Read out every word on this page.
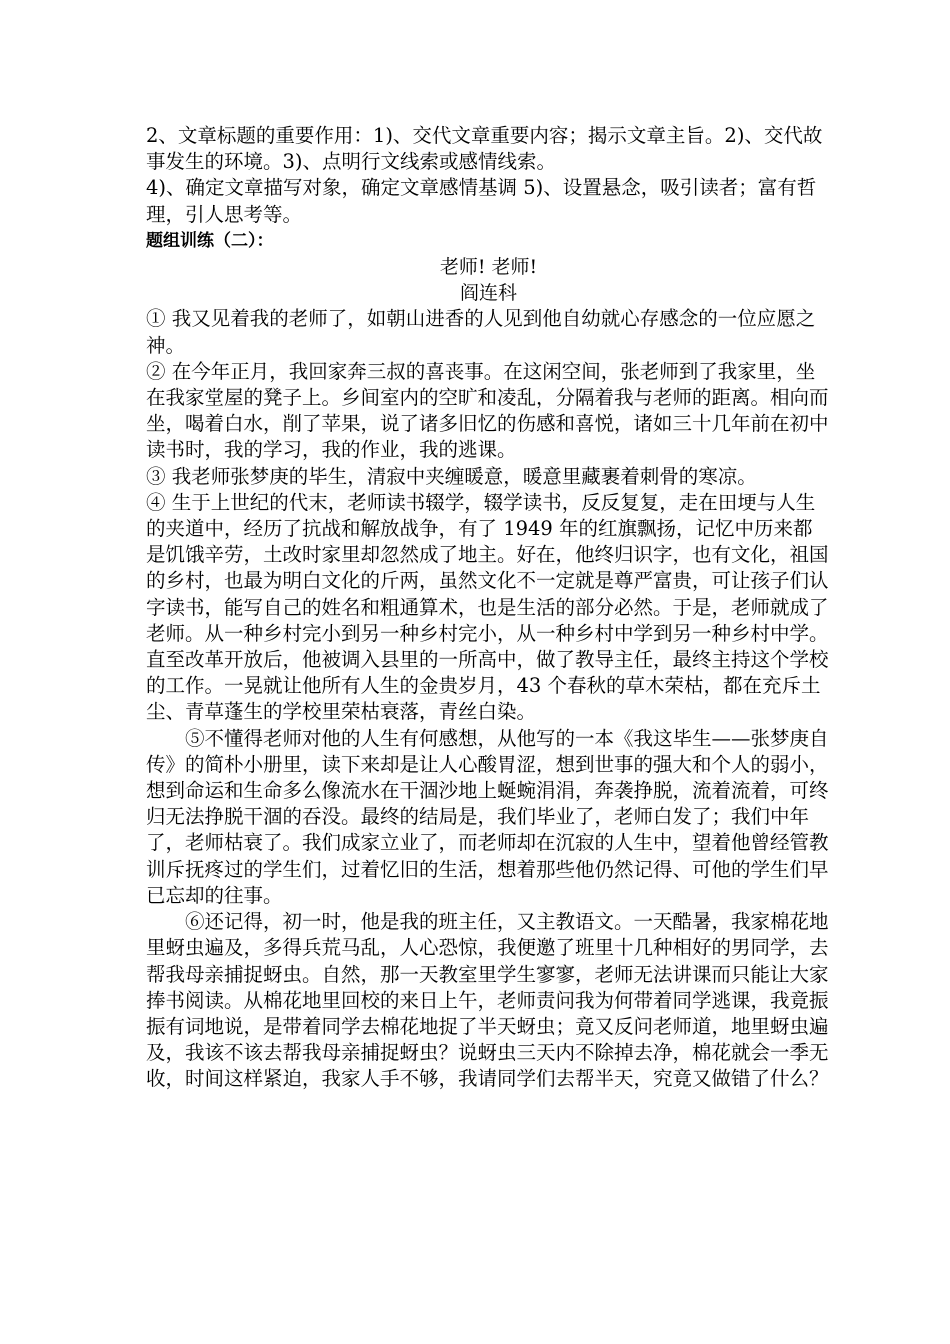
2、文章标题的重要作用：1)、交代文章重要内容；揭示文章主旨。2)、交代故事发生的环境。3)、点明行文线索或感情线索。

4)、确定文章描写对象，确定文章感情基调 5)、设置悬念，吸引读者；富有哲理，引人思考等。

题组训练（二）：

老师! 老师!

阎连科

① 我又见着我的老师了，如朝山进香的人见到他自幼就心存感念的一位应愿之神。

② 在今年正月，我回家奔三叔的喜丧事。在这闲空间，张老师到了我家里，坐在我家堂屋的凳子上。乡间室内的空旷和凌乱，分隔着我与老师的距离。相向而坐，喝着白水，削了苹果，说了诸多旧忆的伤感和喜悦，诸如三十几年前在初中读书时，我的学习，我的作业，我的逃课。

③ 我老师张梦庚的毕生，清寂中夹缠暖意，暖意里藏裹着刺骨的寒凉。

④ 生于上世纪的代末，老师读书辍学，辍学读书，反反复复，走在田埂与人生的夹道中，经历了抗战和解放战争，有了 1949 年的红旗飘扬，记忆中历来都是饥饿辛劳，土改时家里却忽然成了地主。好在，他终归识字，也有文化，祖国的乡村，也最为明白文化的斤两，虽然文化不一定就是尊严富贵，可让孩子们认字读书，能写自己的姓名和粗通算术，也是生活的部分必然。于是，老师就成了老师。从一种乡村完小到另一种乡村完小，从一种乡村中学到另一种乡村中学。直至改革开放后，他被调入县里的一所高中，做了教导主任，最终主持这个学校的工作。一晃就让他所有人生的金贵岁月，43 个春秋的草木荣枯，都在充斥土尘、青草蓬生的学校里荣枯衰落，青丝白染。

⑤不懂得老师对他的人生有何感想，从他写的一本《我这毕生——张梦庚自传》的简朴小册里，读下来却是让人心酸胃涩，想到世事的强大和个人的弱小，想到命运和生命多么像流水在干涸沙地上蜒蜿涓涓，奔袭挣脱，流着流着，可终归无法挣脱干涸的吞没。最终的结局是，我们毕业了，老师白发了；我们中年了，老师枯衰了。我们成家立业了，而老师却在沉寂的人生中，望着他曾经管教训斥抚疼过的学生们，过着忆旧的生活，想着那些他仍然记得、可他的学生们早已忘却的往事。

⑥还记得，初一时，他是我的班主任，又主教语文。一天酷暑，我家棉花地里蚜虫遍及，多得兵荒马乱，人心恐惊，我便邀了班里十几种相好的男同学，去帮我母亲捕捉蚜虫。自然，那一天教室里学生寥寥，老师无法讲课而只能让大家捧书阅读。从棉花地里回校的来日上午，老师责问我为何带着同学逃课，我竟振振有词地说，是带着同学去棉花地捉了半天蚜虫；竟又反问老师道，地里蚜虫遍及，我该不该去帮我母亲捕捉蚜虫？说蚜虫三天内不除掉去净，棉花就会一季无收，时间这样紧迫，我家人手不够，我请同学们去帮半天，究竟又做错了什么？
